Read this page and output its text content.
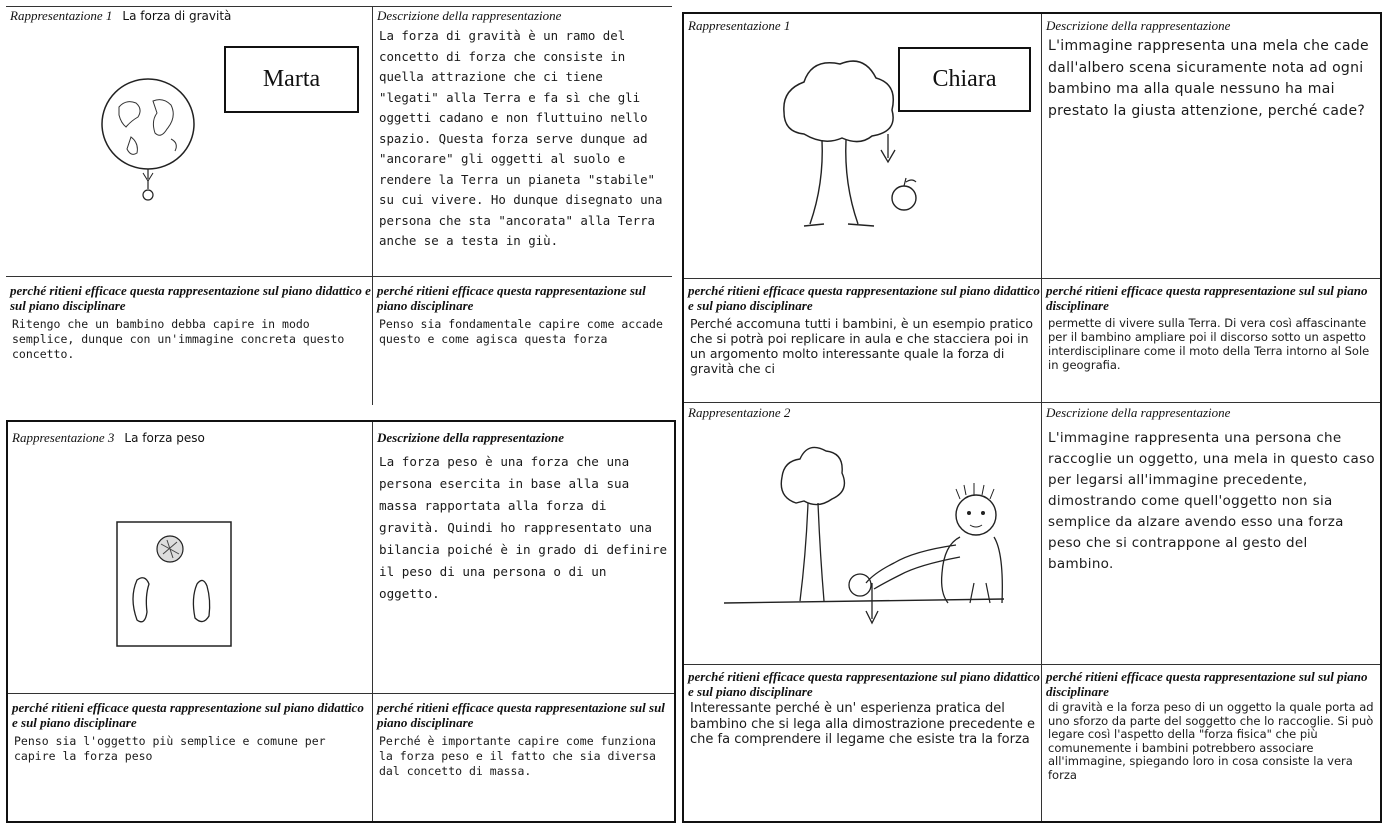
Rappresentazione 1 La forza di gravità
Marta
Descrizione della rappresentazione
La forza di gravità è un ramo del concetto di forza che consiste in quella attrazione che ci tiene "legati" alla Terra e fa sì che gli oggetti cadano e non fluttuino nello spazio. Questa forza serve dunque ad "ancorare" gli oggetti al suolo e rendere la Terra un pianeta "stabile" su cui vivere. Ho dunque disegnato una persona che sta "ancorata" alla Terra anche se a testa in giù.
perché ritieni efficace questa rappresentazione sul piano didattico e sul piano disciplinare
Ritengo che un bambino debba capire in modo semplice, dunque con un'immagine concreta questo concetto.
perché ritieni efficace questa rappresentazione sul piano disciplinare
Penso sia fondamentale capire come accade questo e come agisca questa forza
Rappresentazione 3 La forza peso	Descrizione della rappresentazione
La forza peso è una forza che una persona esercita in base alla sua massa rapportata alla forza di gravità. Quindi ho rappresentato una bilancia poiché è in grado di definire il peso di una persona o di un oggetto.
perché ritieni efficace questa rappresentazione sul piano didattico e sul piano disciplinare
Penso sia l'oggetto più semplice e comune per capire la forza peso
perché ritieni efficace questa rappresentazione sul sul piano disciplinare
Perché è importante capire come funziona la forza peso e il fatto che sia diversa dal concetto di massa.
Rappresentazione 1
Chiara
Descrizione della rappresentazione
L'immagine rappresenta una mela che cade dall'albero scena sicuramente nota ad ogni bambino ma alla quale nessuno ha mai prestato la giusta attenzione, perché cade?
perché ritieni efficace questa rappresentazione sul piano didattico e sul piano disciplinare
Perché accomuna tutti i bambini, è un esempio pratico che si potrà poi replicare in aula e che stacciera poi in un argomento molto interessante quale la forza di gravità che ci
perché ritieni efficace questa rappresentazione sul sul piano disciplinare
permette di vivere sulla Terra. Di vera così affascinante per il bambino ampliare poi il discorso sotto un aspetto interdisciplinare come il moto della Terra intorno al Sole in geografia.
Rappresentazione 2	Descrizione della rappresentazione
L'immagine rappresenta una persona che raccoglie un oggetto, una mela in questo caso per legarsi all'immagine precedente, dimostrando come quell'oggetto non sia semplice da alzare avendo esso una forza peso che si contrappone al gesto del bambino.
perché ritieni efficace questa rappresentazione sul piano didattico e sul piano disciplinare
Interessante perché è un' esperienza pratica del bambino che si lega alla dimostrazione precedente e che fa comprendere il legame che esiste tra la forza
perché ritieni efficace questa rappresentazione sul sul piano disciplinare
di gravità e la forza peso di un oggetto la quale porta ad uno sforzo da parte del soggetto che lo raccoglie. Si può legare così l'aspetto della "forza fisica" che più comunemente i bambini potrebbero associare all'immagine, spiegando loro in cosa consiste la vera forza
